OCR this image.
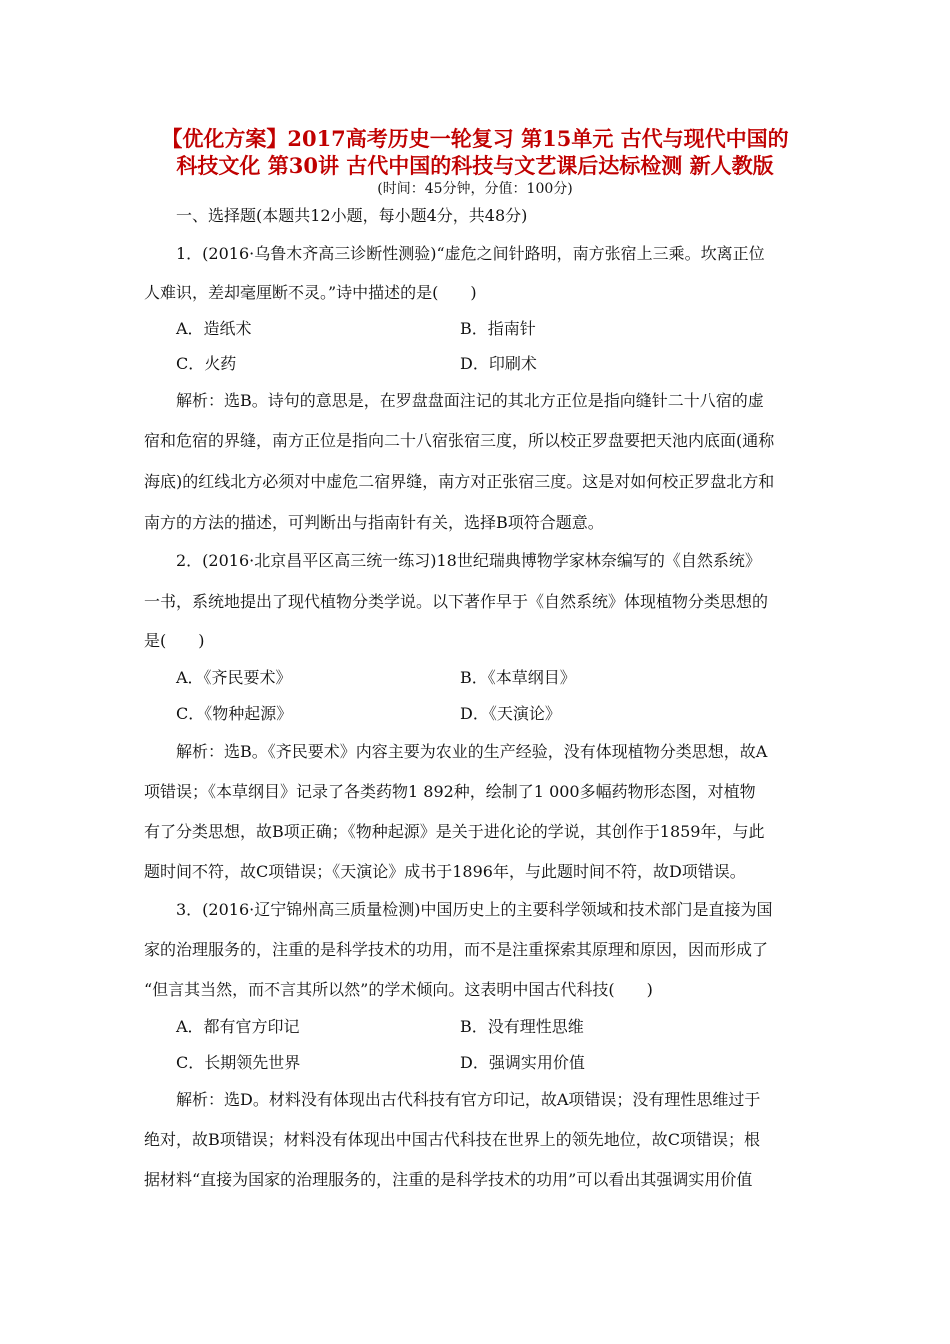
【优化方案】2017高考历史一轮复习 第15单元 古代与现代中国的
科技文化 第30讲 古代中国的科技与文艺课后达标检测 新人教版
(时间：45分钟，分值：100分)
一、选择题(本题共12小题，每小题4分，共48分)
1．(2016·乌鲁木齐高三诊断性测验)“虚危之间针路明，南方张宿上三乘。坎离正位
人难识，差却毫厘断不灵。”诗中描述的是(　　)
A．造纸术	B．指南针
C．火药	D．印刷术
解析：选B。诗句的意思是，在罗盘盘面注记的其北方正位是指向缝针二十八宿的虚
宿和危宿的界缝，南方正位是指向二十八宿张宿三度，所以校正罗盘要把天池内底面(通称
海底)的红线北方必须对中虚危二宿界缝，南方对正张宿三度。这是对如何校正罗盘北方和
南方的方法的描述，可判断出与指南针有关，选择B项符合题意。
2．(2016·北京昌平区高三统一练习)18世纪瑞典博物学家林奈编写的《自然系统》
一书，系统地提出了现代植物分类学说。以下著作早于《自然系统》体现植物分类思想的
是(　　)
A．《齐民要术》	B．《本草纲目》
C．《物种起源》	D．《天演论》
解析：选B。《齐民要术》内容主要为农业的生产经验，没有体现植物分类思想，故A
项错误；《本草纲目》记录了各类药物1 892种，绘制了1 000多幅药物形态图，对植物
有了分类思想，故B项正确；《物种起源》是关于进化论的学说，其创作于1859年，与此
题时间不符，故C项错误；《天演论》成书于1896年，与此题时间不符，故D项错误。
3．(2016·辽宁锦州高三质量检测)中国历史上的主要科学领域和技术部门是直接为国
家的治理服务的，注重的是科学技术的功用，而不是注重探索其原理和原因，因而形成了
“但言其当然，而不言其所以然”的学术倾向。这表明中国古代科技(　　)
A．都有官方印记	B．没有理性思维
C．长期领先世界	D．强调实用价值
解析：选D。材料没有体现出古代科技有官方印记，故A项错误；没有理性思维过于
绝对，故B项错误；材料没有体现出中国古代科技在世界上的领先地位，故C项错误；根
据材料“直接为国家的治理服务的，注重的是科学技术的功用”可以看出其强调实用价值
